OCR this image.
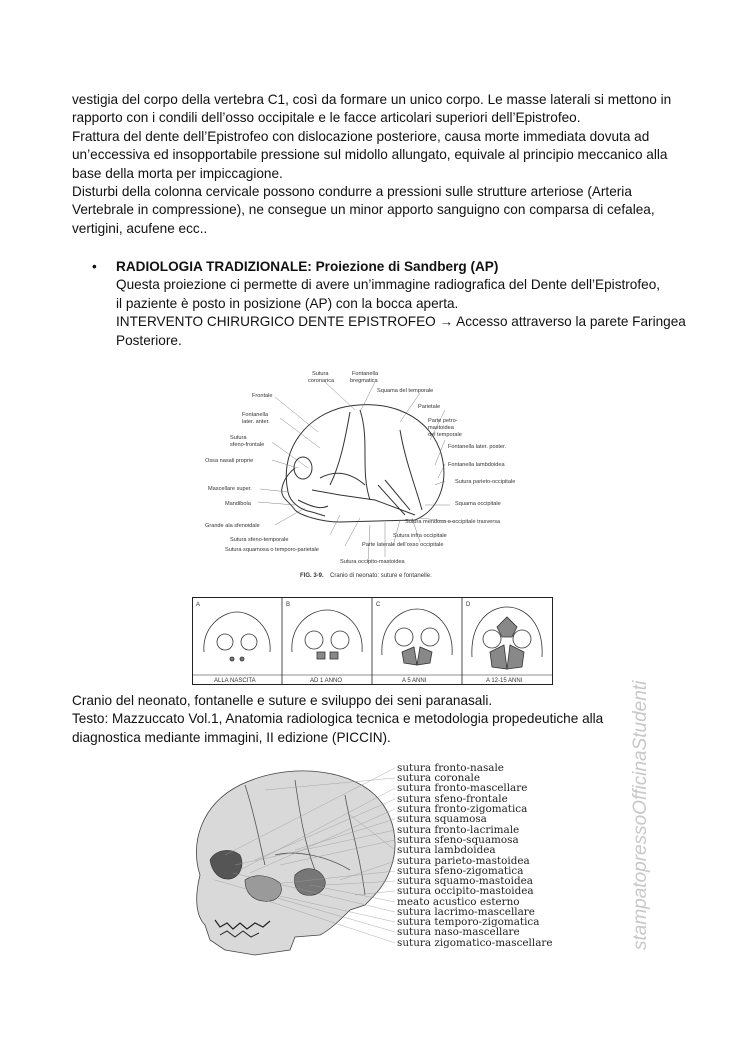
vestigia del corpo della vertebra C1, così da formare un unico corpo. Le masse laterali si mettono in
rapporto con i condili dell’osso occipitale e le facce articolari superiori dell’Epistrofeo.
Frattura del dente dell’Epistrofeo con dislocazione posteriore, causa morte immediata dovuta ad
un’eccessiva ed insopportabile pressione sul midollo allungato, equivale al principio meccanico alla
base della morta per impiccagione.
Disturbi della colonna cervicale possono condurre a pressioni sulle strutture arteriose (Arteria
Vertebrale in compressione), ne consegue un minor apporto sanguigno con comparsa di cefalea,
vertigini, acufene ecc..
• RADIOLOGIA TRADIZIONALE: Proiezione di Sandberg (AP)
Questa proiezione ci permette di avere un’immagine radiografica del Dente dell’Epistrofeo,
il paziente è posto in posizione (AP) con la bocca aperta.
INTERVENTO CHIRURGICO DENTE EPISTROFEO → Accesso attraverso la parete Faringea
Posteriore.
Frontale
Fontanella
later. anter.
Sutura
sfeno-frontale
Ossa nasali proprie
Mascellare super.
Mandibola
Grande ala sfenoidale
Sutura sfeno-temporale
Sutura squamosa o temporo-parietale
Sutura
coronarica
Fontanella
bregmatica
Squama del temporale
Parietale
Parte petro-
mastoidea
del temporale
Fontanella later. poster.
Fontanella lambdoidea
Sutura parieto-occipitale
Squama occipitale
Sutura mendosa o occipitale trasversa
Sutura infra occipitale
Parte laterale dell’osso occipitale
Sutura occipito-mastoidea
FIG. 3-9. Cranio di neonato: suture e fontanelle.
A	B	C	D
ALLA NASCITA	AD 1 ANNO	A 5 ANNI	A 12-15 ANNI
Cranio del neonato, fontanelle e suture e sviluppo dei seni paranasali.
Testo: Mazzuccato Vol.1, Anatomia radiologica tecnica e metodologia propedeutiche alla
diagnostica mediante immagini, II edizione (PICCIN).
sutura fronto-nasale
sutura coronale
sutura fronto-mascellare
sutura sfeno-frontale
sutura fronto-zigomatica
sutura squamosa
sutura fronto-lacrimale
sutura sfeno-squamosa
sutura lambdoidea
sutura parieto-mastoidea
sutura sfeno-zigomatica
sutura squamo-mastoidea
sutura occipito-mastoidea
meato acustico esterno
sutura lacrimo-mascellare
sutura temporo-zigomatica
sutura naso-mascellare
sutura zigomatico-mascellare	stampatopressoOfficinaStudenti
